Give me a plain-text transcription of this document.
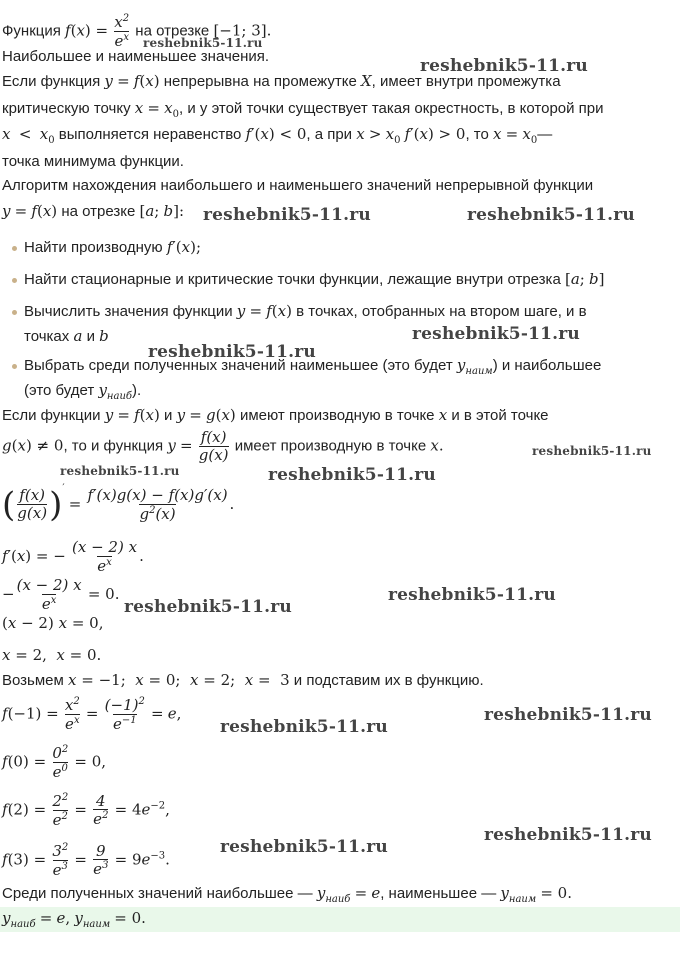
Функция $f(x) = \frac{x^2}{e^x}$ на отрезке [−1; 3].
Наибольшее и наименьшее значения.
Если функция y = f(x) непрерывна на промежутке X, имеет внутри промежутка
критическую точку $x = x_0$, и у этой точки существует такая окрестность, в которой при
$x < x_0$ выполняется неравенство f′(x) < 0, а при $x > x_0$ f′(x) > 0, то $x = x_0—$
точка минимума функции.
Алгоритм нахождения наибольшего и наименьшего значений непрерывной функции
y = f(x) на отрезке [a; b]:
Найти производную f′(x);
Найти стационарные и критические точки функции, лежащие внутри отрезка [a; b]
Вычислить значения функции y = f(x) в точках, отобранных на втором шаге, и в
точках a и b
Выбрать среди полученных значений наименьшее (это будет $y_{наим}$) и наибольшее
(это будет $y_{наиб}$).
Если функции y = f(x) и y = g(x) имеют производную в точке x и в этой точке
g(x) ≠ 0, то и функция $y = \frac{f(x)}{g(x)}$ имеет производную в точке x.
( $\frac{f(x)}{g(x)} )' = \frac{f'(x)g(x) - f(x)g'(x)}{g^2(x)}$ .
f′(x) = − $\frac{(x - 2) x}{e^x}$ .
− $\frac{(x - 2) x}{e^x} = 0$.
(x − 2) x = 0,
x = 2,  x = 0.
Возьмем x = −1;  x = 0;  x = 2;  x =  3 и подставим их в функцию.
$f(-1) = \frac{x^2}{e^x} = \frac{(-1)^2}{e^{-1}} = e$,
$f(0) = \frac{0^2}{e^0} = 0$,
$f(2) = \frac{2^2}{e^2} = \frac{4}{e^2} = 4e^{-2}$,
$f(3) = \frac{3^2}{e^3} = \frac{9}{e^3} = 9e^{-3}$.
Среди полученных значений наибольшее — $y_{наиб} = e$, наименьшее — $y_{наим} = 0$.
$y_{наиб} = e$, $y_{наим} = 0$.
reshebnik5-11.ru
reshebnik5-11.ru
reshebnik5-11.ru	reshebnik5-11.ru
reshebnik5-11.ru
reshebnik5-11.ru
reshebnik5-11.ru
reshebnik5-11.ru	reshebnik5-11.ru
reshebnik5-11.ru
reshebnik5-11.ru
reshebnik5-11.ru
reshebnik5-11.ru
reshebnik5-11.ru
reshebnik5-11.ru
